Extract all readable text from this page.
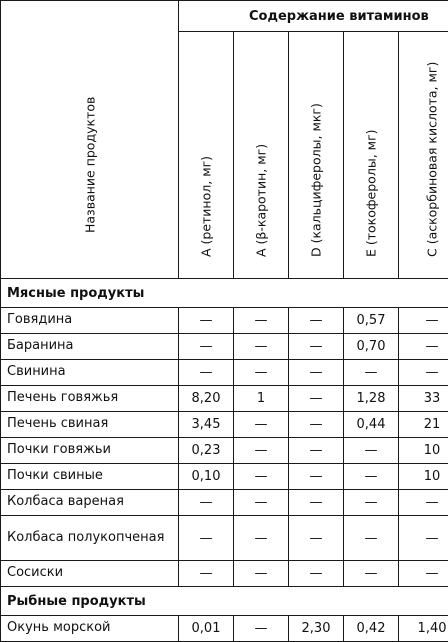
Название продуктов	Содержание витаминов				

	А (ретинол, мг)	А (β-каротин, мг)	D (кальциферолы, мкг)	Е (токоферолы, мг)	С (аскорбиновая кислота, мг)

Мясные продукты					
Говядина	—	—	—	0,57	—
Баранина	—	—	—	0,70	—
Свинина	—	—	—	—	—
Печень говяжья	8,20	1	—	1,28	33
Печень свиная	3,45	—	—	0,44	21
Почки говяжьи	0,23	—	—	—	10
Почки свиные	0,10	—	—	—	10
Колбаса вареная	—	—	—	—	—
Колбаса полукопченая	—	—	—	—	—
Сосиски	—	—	—	—	—
Рыбные продукты					
Окунь морской	0,01	—	2,30	0,42	1,40
